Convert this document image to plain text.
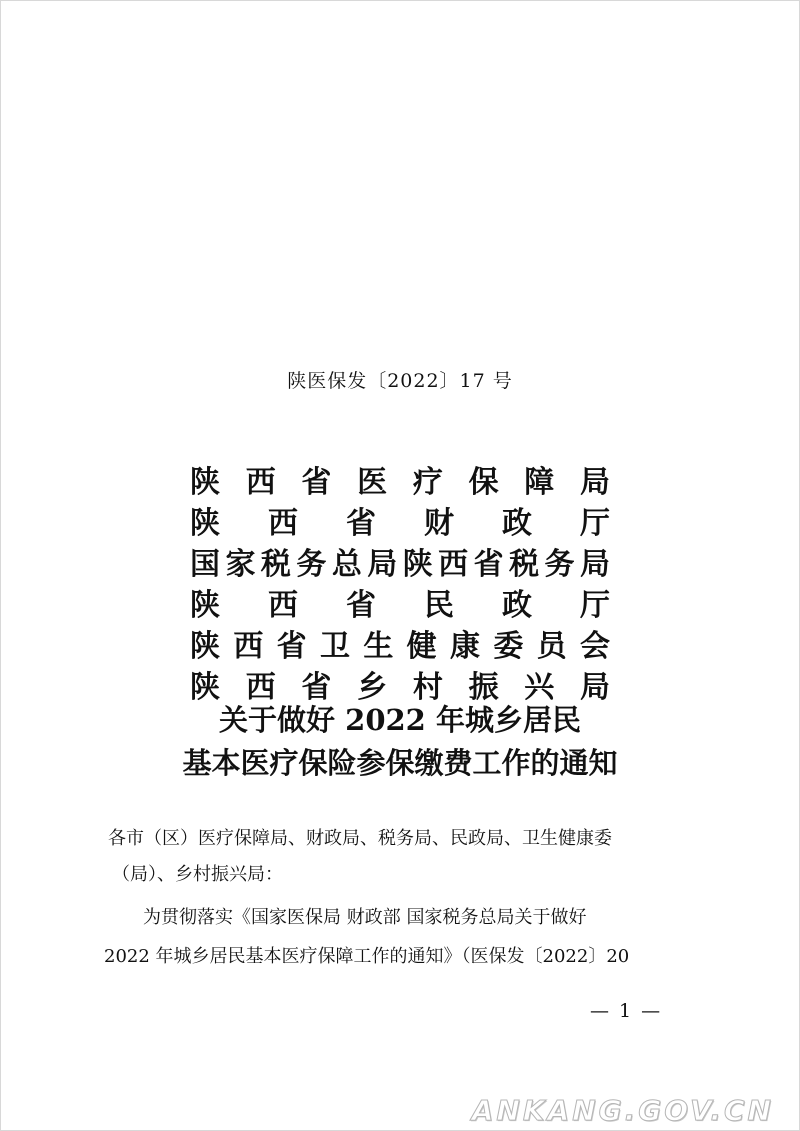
陕医保发〔2022〕17 号
陕西省医疗保障局
陕西省财政厅
国家税务总局陕西省税务局
陕西省民政厅
陕西省卫生健康委员会
陕西省乡村振兴局
关于做好 2022 年城乡居民
基本医疗保险参保缴费工作的通知
各市（区）医疗保障局、财政局、税务局、民政局、卫生健康委
（局）、乡村振兴局：
为贯彻落实《国家医保局 财政部 国家税务总局关于做好
2022 年城乡居民基本医疗保障工作的通知》（医保发〔2022〕20
— 1 —
ANKANG.GOV.CN
